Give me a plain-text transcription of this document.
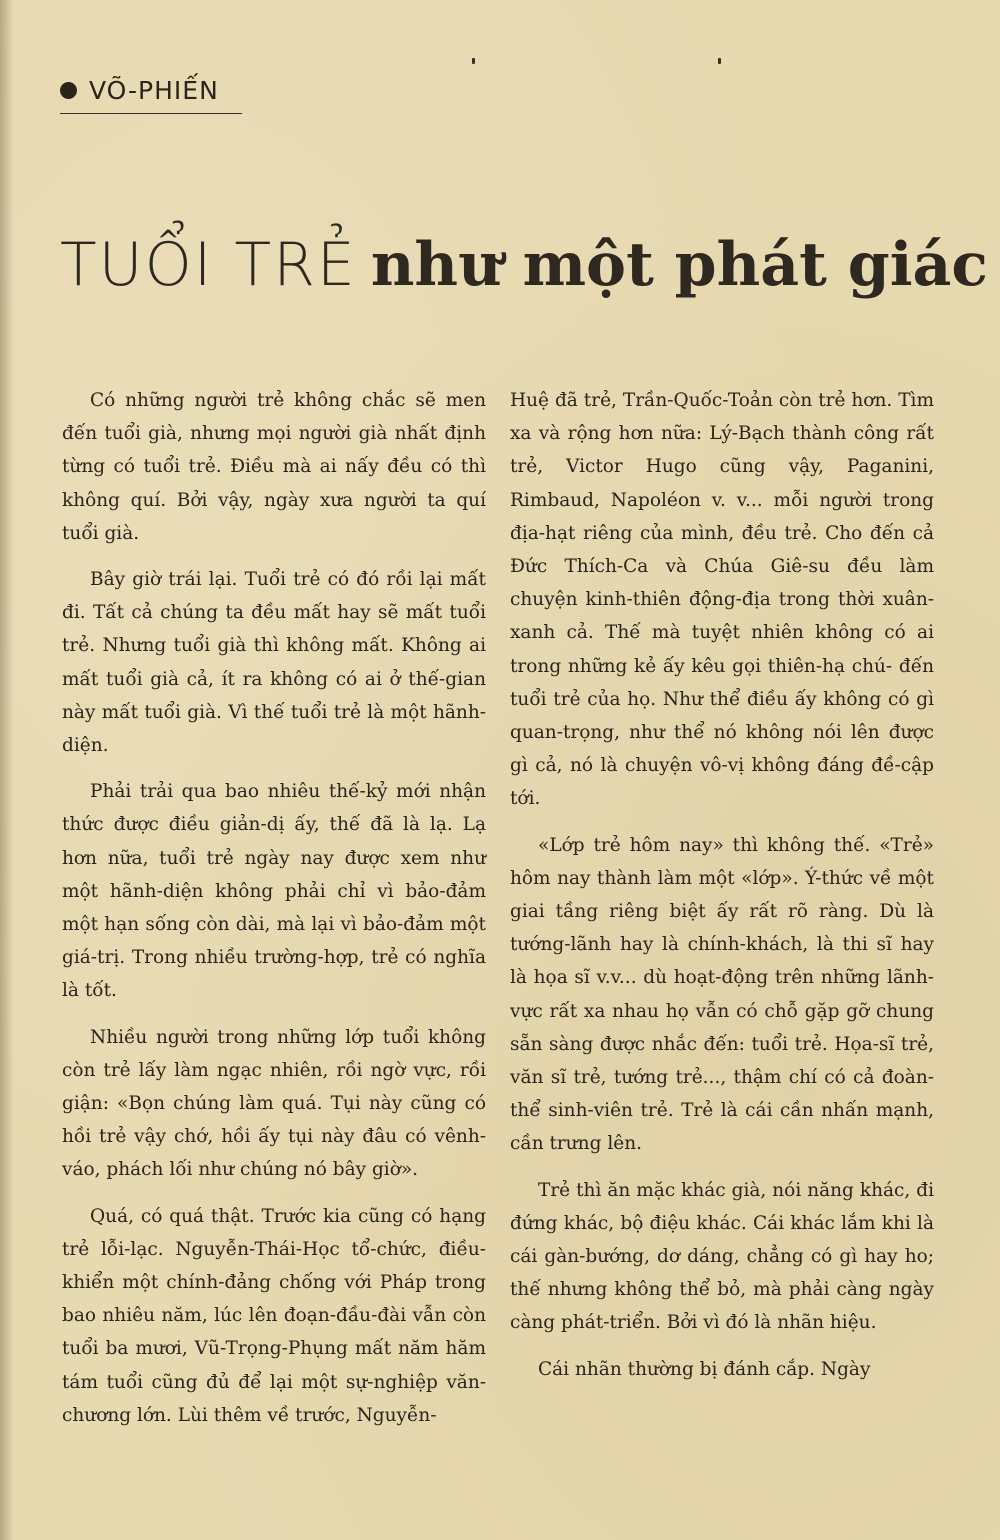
VÕ-PHIẾN
TUỔI TRẺ như một phát giác

Có những người trẻ không chắc sẽ men đến tuổi già, nhưng mọi người già nhất định từng có tuổi trẻ. Điều mà ai nấy đều có thì không quí. Bởi vậy, ngày xưa người ta quí tuổi già.

Bây giờ trái lại. Tuổi trẻ có đó rồi lại mất đi. Tất cả chúng ta đều mất hay sẽ mất tuổi trẻ. Nhưng tuổi già thì không mất. Không ai mất tuổi già cả, ít ra không có ai ở thế-gian này mất tuổi già. Vì thế tuổi trẻ là một hãnh-diện.

Phải trải qua bao nhiêu thế-kỷ mới nhận thức được điều giản-dị ấy, thế đã là lạ. Lạ hơn nữa, tuổi trẻ ngày nay được xem như một hãnh-diện không phải chỉ vì bảo-đảm một hạn sống còn dài, mà lại vì bảo-đảm một giá-trị. Trong nhiều trường-hợp, trẻ có nghĩa là tốt.

Nhiều người trong những lớp tuổi không còn trẻ lấy làm ngạc nhiên, rồi ngờ vực, rồi giận: «Bọn chúng làm quá. Tụi này cũng có hồi trẻ vậy chớ, hồi ấy tụi này đâu có vênh-váo, phách lối như chúng nó bây giờ».

Quá, có quá thật. Trước kia cũng có hạng trẻ lỗi-lạc. Nguyễn-Thái-Học tổ-chức, điều-khiển một chính-đảng chống với Pháp trong bao nhiêu năm, lúc lên đoạn-đầu-đài vẫn còn tuổi ba mươi, Vũ-Trọng-Phụng mất năm hăm tám tuổi cũng đủ để lại một sự-nghiệp văn-chương lớn. Lùi thêm về trước, Nguyễn-

Huệ đã trẻ, Trần-Quốc-Toản còn trẻ hơn. Tìm xa và rộng hơn nữa: Lý-Bạch thành công rất trẻ, Victor Hugo cũng vậy, Paganini, Rimbaud, Napoléon v. v... mỗi người trong địa-hạt riêng của mình, đều trẻ. Cho đến cả Đức Thích-Ca và Chúa Giê-su đều làm chuyện kinh-thiên động-địa trong thời xuân-xanh cả. Thế mà tuyệt nhiên không có ai trong những kẻ ấy kêu gọi thiên-hạ chú- đến tuổi trẻ của họ. Như thể điều ấy không có gì quan-trọng, như thể nó không nói lên được gì cả, nó là chuyện vô-vị không đáng đề-cập tới.

«Lớp trẻ hôm nay» thì không thế. «Trẻ» hôm nay thành làm một «lớp». Ý-thức về một giai tầng riêng biệt ấy rất rõ ràng. Dù là tướng-lãnh hay là chính-khách, là thi sĩ hay là họa sĩ v.v... dù hoạt-động trên những lãnh-vực rất xa nhau họ vẫn có chỗ gặp gỡ chung sẵn sàng được nhắc đến: tuổi trẻ. Họa-sĩ trẻ, văn sĩ trẻ, tướng trẻ..., thậm chí có cả đoàn-thể sinh-viên trẻ. Trẻ là cái cần nhấn mạnh, cần trưng lên.

Trẻ thì ăn mặc khác già, nói năng khác, đi đứng khác, bộ điệu khác. Cái khác lắm khi là cái gàn-bướng, dơ dáng, chẳng có gì hay ho; thế nhưng không thể bỏ, mà phải càng ngày càng phát-triển. Bởi vì đó là nhãn hiệu.

Cái nhãn thường bị đánh cắp. Ngày
